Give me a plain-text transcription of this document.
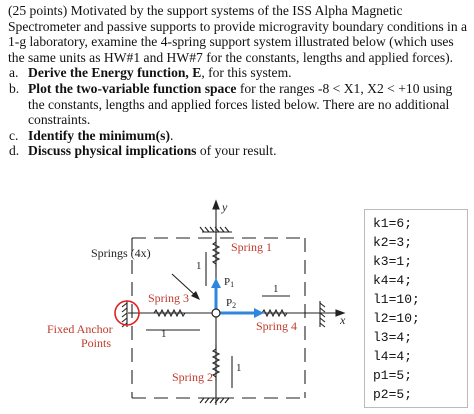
(25 points) Motivated by the support systems of the ISS Alpha Magnetic Spectrometer and passive supports to provide microgravity boundary conditions in a 1-g laboratory, examine the 4-spring support system illustrated below (which uses the same units as HW#1 and HW#7 for the constants, lengths and applied forces).

a. Derive the Energy function, E, for this system.
b. Plot the two-variable function space for the ranges -8 < X1, X2 < +10 using the constants, lengths and applied forces listed below. There are no additional constraints.
c. Identify the minimum(s).
d. Discuss physical implications of your result.
y
x
Springs (4x)	Spring 1
Spring 2
Spring 3
Spring 4
Fixed Anchor
Points
P1
P2
1
1
1
1
k1=6;
k2=3;
k3=1;
k4=4;
l1=10;
l2=10;
l3=4;
l4=4;
p1=5;
p2=5;
